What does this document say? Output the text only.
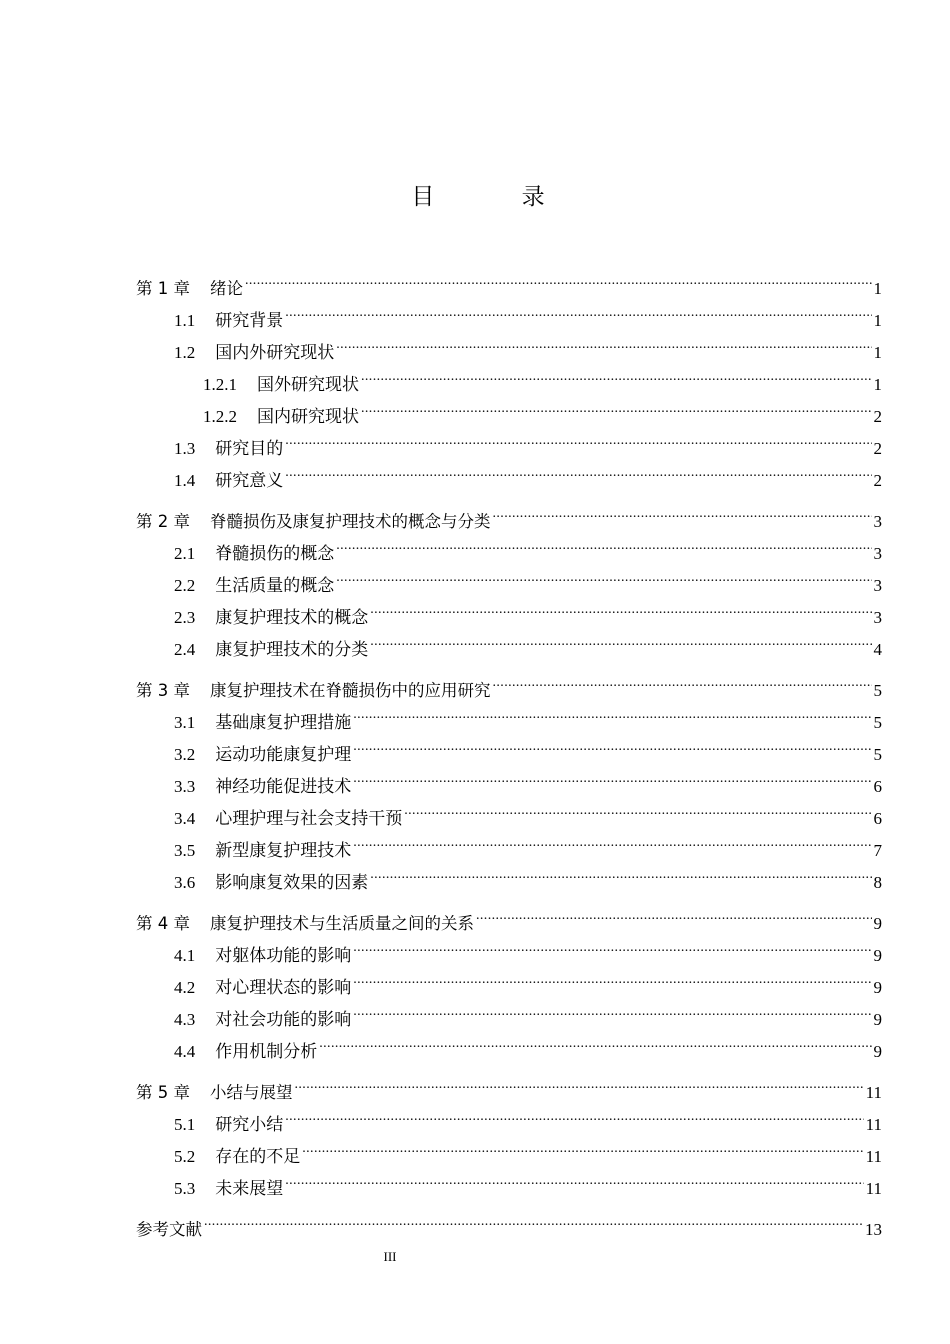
目 录
第 1 章 绪论 .....	1
1.1 研究背景 .....	1
1.2 国内外研究现状 .....	1
1.2.1 国外研究现状 .....	1
1.2.2 国内研究现状 .....	2
1.3 研究目的 .....	2
1.4 研究意义 .....	2
第 2 章 脊髓损伤及康复护理技术的概念与分类 .....	3
2.1 脊髓损伤的概念 .....	3
2.2 生活质量的概念 .....	3
2.3 康复护理技术的概念 .....	3
2.4 康复护理技术的分类 .....	4
第 3 章 康复护理技术在脊髓损伤中的应用研究 .....	5
3.1 基础康复护理措施 .....	5
3.2 运动功能康复护理 .....	5
3.3 神经功能促进技术 .....	6
3.4 心理护理与社会支持干预 .....	6
3.5 新型康复护理技术 .....	7
3.6 影响康复效果的因素 .....	8
第 4 章 康复护理技术与生活质量之间的关系 .....	9
4.1 对躯体功能的影响 .....	9
4.2 对心理状态的影响 .....	9
4.3 对社会功能的影响 .....	9
4.4 作用机制分析 .....	9
第 5 章 小结与展望 .....	11
5.1 研究小结 .....	11
5.2 存在的不足 .....	11
5.3 未来展望 .....	11
参考文献 .....	13
III
